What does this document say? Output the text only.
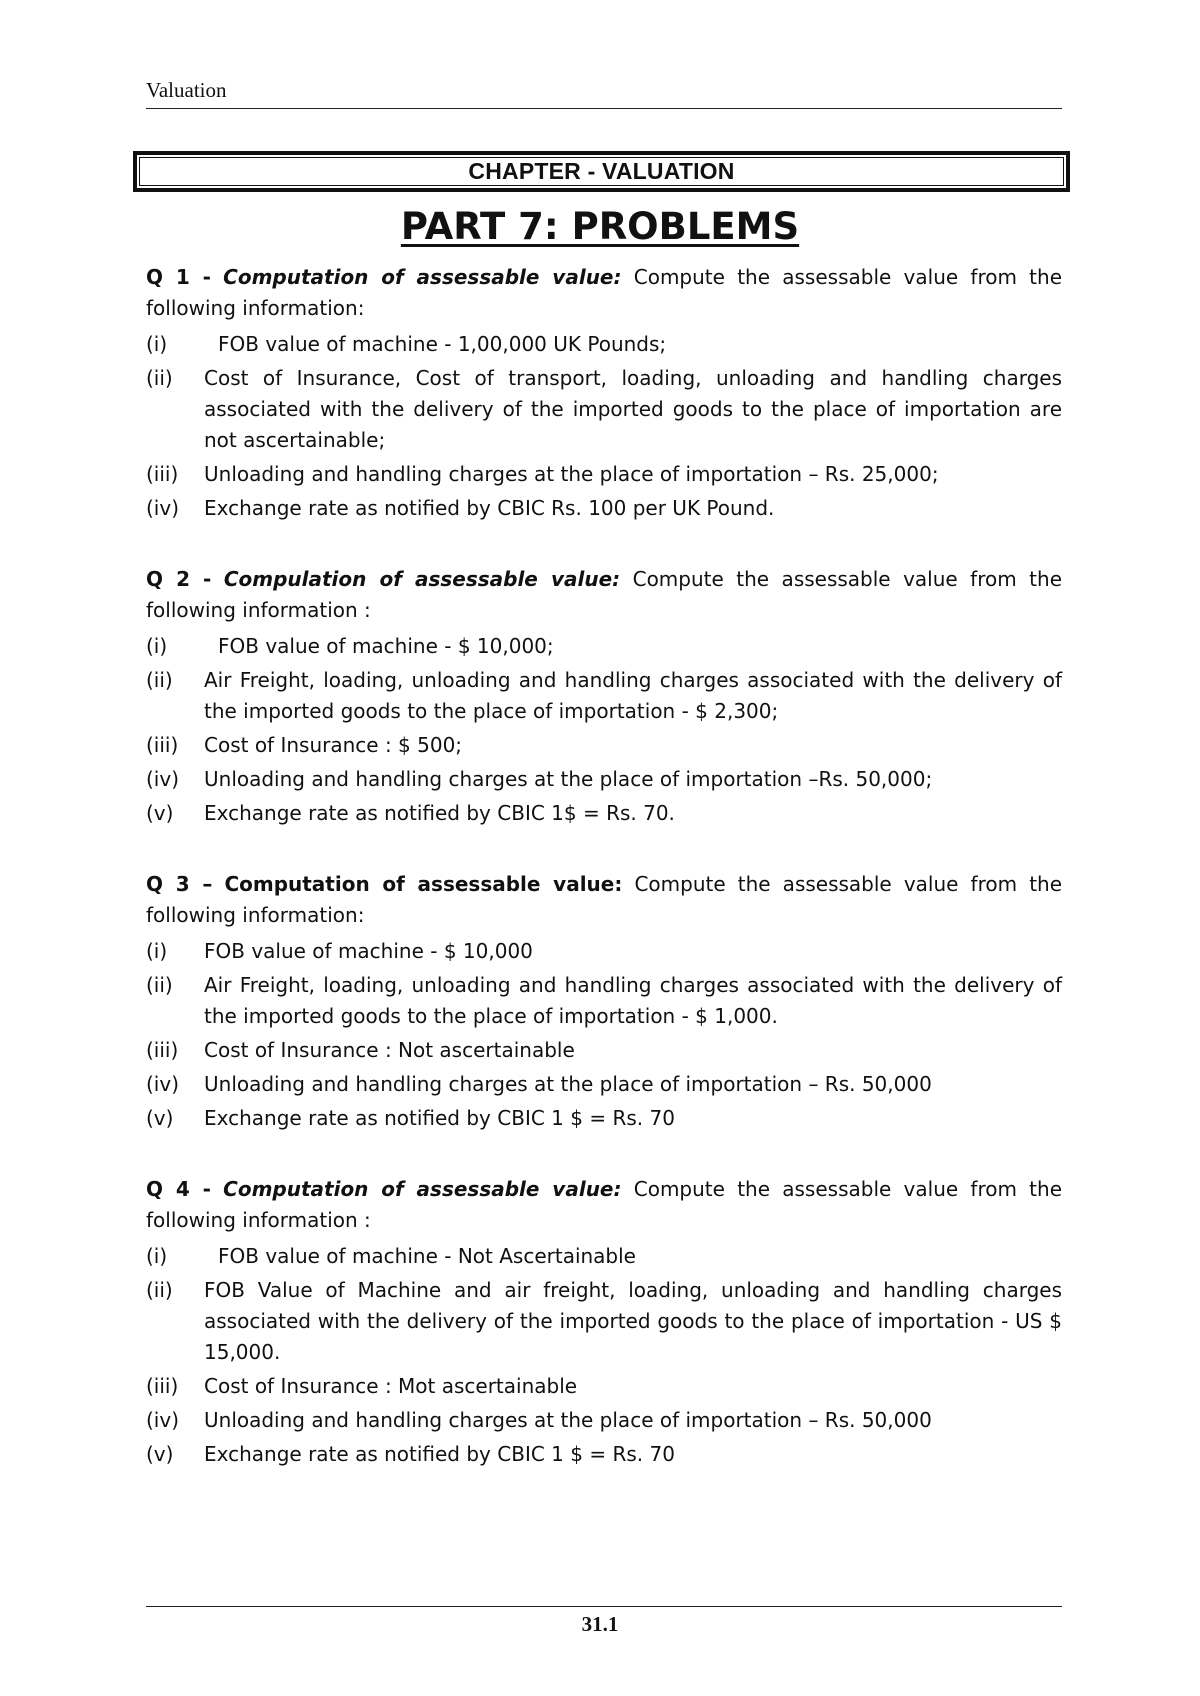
Valuation
CHAPTER - VALUATION
PART 7: PROBLEMS

Q 1 - Computation of assessable value: Compute the assessable value from the following information:

(i)	FOB value of machine - 1,00,000 UK Pounds;
(ii)	Cost of Insurance, Cost of transport, loading, unloading and handling charges associated with the delivery of the imported goods to the place of importation are not ascertainable;
(iii)	Unloading and handling charges at the place of importation – Rs. 25,000;
(iv)	Exchange rate as notified by CBIC Rs. 100 per UK Pound.

Q 2 - Compulation of assessable value: Compute the assessable value from the following information :

(i)	FOB value of machine - $ 10,000;
(ii)	Air Freight, loading, unloading and handling charges associated with the delivery of the imported goods to the place of importation - $ 2,300;
(iii)	Cost of Insurance : $ 500;
(iv)	Unloading and handling charges at the place of importation –Rs. 50,000;
(v)	Exchange rate as notified by CBIC 1$ = Rs. 70.

Q 3 – Computation of assessable value: Compute the assessable value from the following information:

(i)	FOB value of machine - $ 10,000
(ii)	Air Freight, loading, unloading and handling charges associated with the delivery of the imported goods to the place of importation - $ 1,000.
(iii)	Cost of Insurance : Not ascertainable
(iv)	Unloading and handling charges at the place of importation – Rs. 50,000
(v)	Exchange rate as notified by CBIC 1 $ = Rs. 70

Q 4 - Computation of assessable value: Compute the assessable value from the following information :

(i)	FOB value of machine - Not Ascertainable
(ii)	FOB Value of Machine and air freight, loading, unloading and handling charges associated with the delivery of the imported goods to the place of importation - US $ 15,000.
(iii)	Cost of Insurance : Mot ascertainable
(iv)	Unloading and handling charges at the place of importation – Rs. 50,000
(v)	Exchange rate as notified by CBIC 1 $ = Rs. 70
31.1
